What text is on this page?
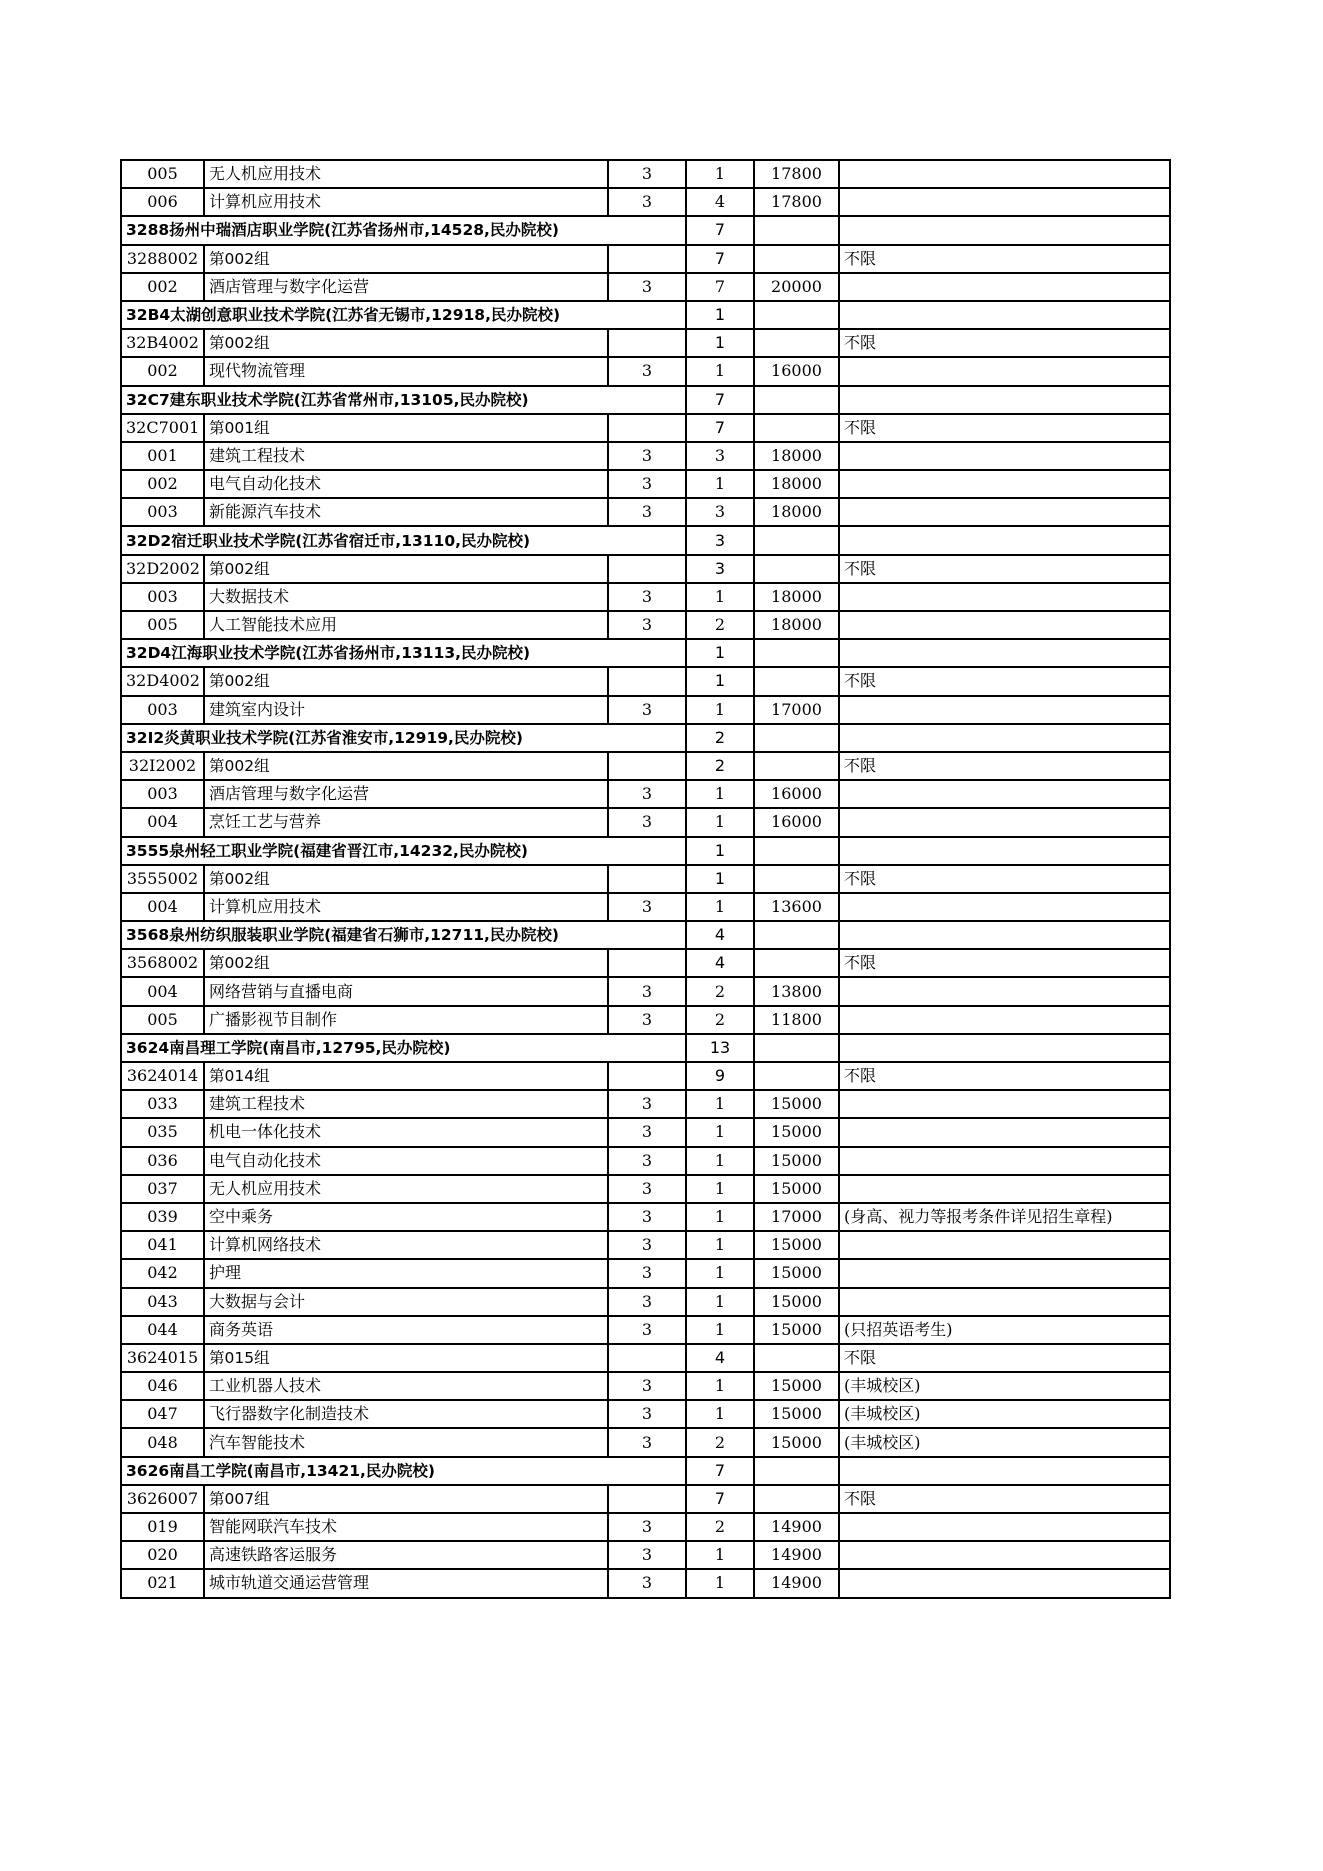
005	无人机应用技术	3	1	17800	
006	计算机应用技术	3	4	17800	
3288扬州中瑞酒店职业学院(江苏省扬州市,14528,民办院校)			7		
3288002	第002组		7		不限
002	酒店管理与数字化运营	3	7	20000	
32B4太湖创意职业技术学院(江苏省无锡市,12918,民办院校)			1		
32B4002	第002组		1		不限
002	现代物流管理	3	1	16000	
32C7建东职业技术学院(江苏省常州市,13105,民办院校)			7		
32C7001	第001组		7		不限
001	建筑工程技术	3	3	18000	
002	电气自动化技术	3	1	18000	
003	新能源汽车技术	3	3	18000	
32D2宿迁职业技术学院(江苏省宿迁市,13110,民办院校)			3		
32D2002	第002组		3		不限
003	大数据技术	3	1	18000	
005	人工智能技术应用	3	2	18000	
32D4江海职业技术学院(江苏省扬州市,13113,民办院校)			1		
32D4002	第002组		1		不限
003	建筑室内设计	3	1	17000	
32I2炎黄职业技术学院(江苏省淮安市,12919,民办院校)			2		
32I2002	第002组		2		不限
003	酒店管理与数字化运营	3	1	16000	
004	烹饪工艺与营养	3	1	16000	
3555泉州轻工职业学院(福建省晋江市,14232,民办院校)			1		
3555002	第002组		1		不限
004	计算机应用技术	3	1	13600	
3568泉州纺织服装职业学院(福建省石狮市,12711,民办院校)			4		
3568002	第002组		4		不限
004	网络营销与直播电商	3	2	13800	
005	广播影视节目制作	3	2	11800	
3624南昌理工学院(南昌市,12795,民办院校)			13		
3624014	第014组		9		不限
033	建筑工程技术	3	1	15000	
035	机电一体化技术	3	1	15000	
036	电气自动化技术	3	1	15000	
037	无人机应用技术	3	1	15000	
039	空中乘务	3	1	17000	(身高、视力等报考条件详见招生章程)
041	计算机网络技术	3	1	15000	
042	护理	3	1	15000	
043	大数据与会计	3	1	15000	
044	商务英语	3	1	15000	(只招英语考生)
3624015	第015组		4		不限
046	工业机器人技术	3	1	15000	(丰城校区)
047	飞行器数字化制造技术	3	1	15000	(丰城校区)
048	汽车智能技术	3	2	15000	(丰城校区)
3626南昌工学院(南昌市,13421,民办院校)			7		
3626007	第007组		7		不限
019	智能网联汽车技术	3	2	14900	
020	高速铁路客运服务	3	1	14900	
021	城市轨道交通运营管理	3	1	14900	
